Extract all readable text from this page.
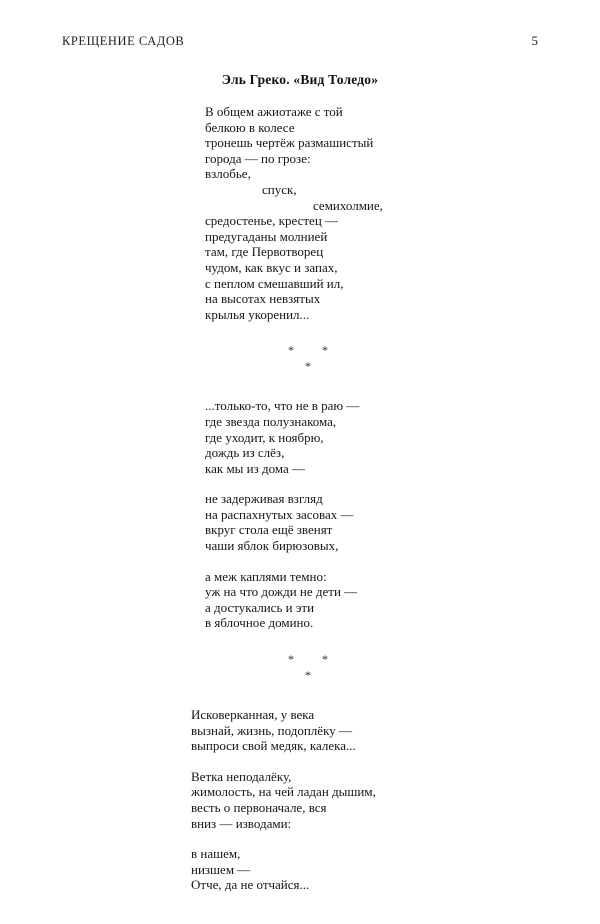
КРЕЩЕНИЕ САДОВ	5
Эль Греко. «Вид Толедо»
В общем ажиотаже с той
белкою в колесе
тронешь чертёж размашистый
города — по грозе:
взлобье,
спуск,
семихолмие,
средостенье, крестец —
предугаданы молнией
там, где Первотворец
чудом, как вкус и запах,
с пеплом смешавший ил,
на высотах невзятых
крылья укоренил...
* *
*
...только-то, что не в раю —
где звезда полузнакома,
где уходит, к ноябрю,
дождь из слёз,
как мы из дома —
не задерживая взгляд
на распахнутых засовах —
вкруг стола ещё звенят
чаши яблок бирюзовых,
а меж каплями темно:
уж на что дожди не дети —
а достукались и эти
в яблочное домино.
* *
*
Исковерканная, у века
вызнай, жизнь, подоплёку —
выпроси свой медяк, калека...
Ветка неподалёку,
жимолость, на чей ладан дышим,
весть о первоначале, вся
вниз — изводами:
в нашем,
низшем —
Отче, да не отчайся...
